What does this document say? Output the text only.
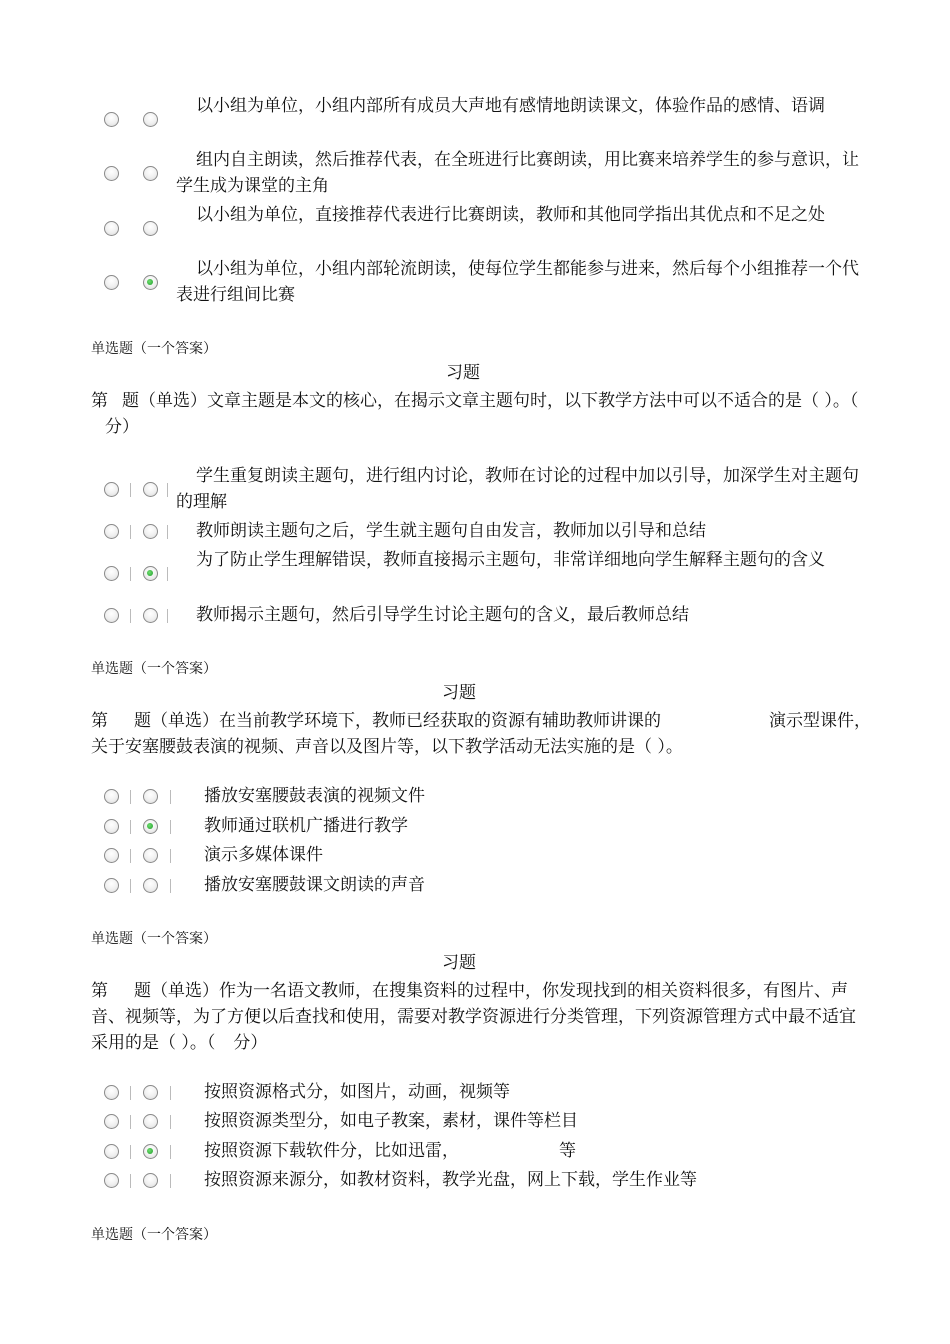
以小组为单位，小组内部所有成员大声地有感情地朗读课文，体验作品的感情、语调
组内自主朗读，然后推荐代表，在全班进行比赛朗读，用比赛来培养学生的参与意识，让学生成为课堂的主角
以小组为单位，直接推荐代表进行比赛朗读，教师和其他同学指出其优点和不足之处
以小组为单位，小组内部轮流朗读，使每位学生都能参与进来，然后每个小组推荐一个代表进行组间比赛
单选题（一个答案）
习题
第 题（单选）文章主题是本文的核心，在揭示文章主题句时，以下教学方法中可以不适合的是（ ）。（分）
学生重复朗读主题句，进行组内讨论，教师在讨论的过程中加以引导，加深学生对主题句的理解
教师朗读主题句之后，学生就主题句自由发言，教师加以引导和总结
为了防止学生理解错误，教师直接揭示主题句，非常详细地向学生解释主题句的含义
教师揭示主题句，然后引导学生讨论主题句的含义，最后教师总结
单选题（一个答案）
习题
第 题（单选）在当前教学环境下，教师已经获取的资源有辅助教师讲课的	演示型课件，关于安塞腰鼓表演的视频、声音以及图片等，以下教学活动无法实施的是（ ）。
播放安塞腰鼓表演的视频文件
教师通过联机广播进行教学
演示多媒体课件
播放安塞腰鼓课文朗读的声音
单选题（一个答案）
习题
第 题（单选）作为一名语文教师，在搜集资料的过程中，你发现找到的相关资料很多，有图片、声音、视频等，为了方便以后查找和使用，需要对教学资源进行分类管理，下列资源管理方式中最不适宜采用的是（ ）。（ 分）
按照资源格式分，如图片，动画，视频等
按照资源类型分，如电子教案，素材，课件等栏目
按照资源下载软件分，比如迅雷，	等
按照资源来源分，如教材资料，教学光盘，网上下载，学生作业等
单选题（一个答案）
